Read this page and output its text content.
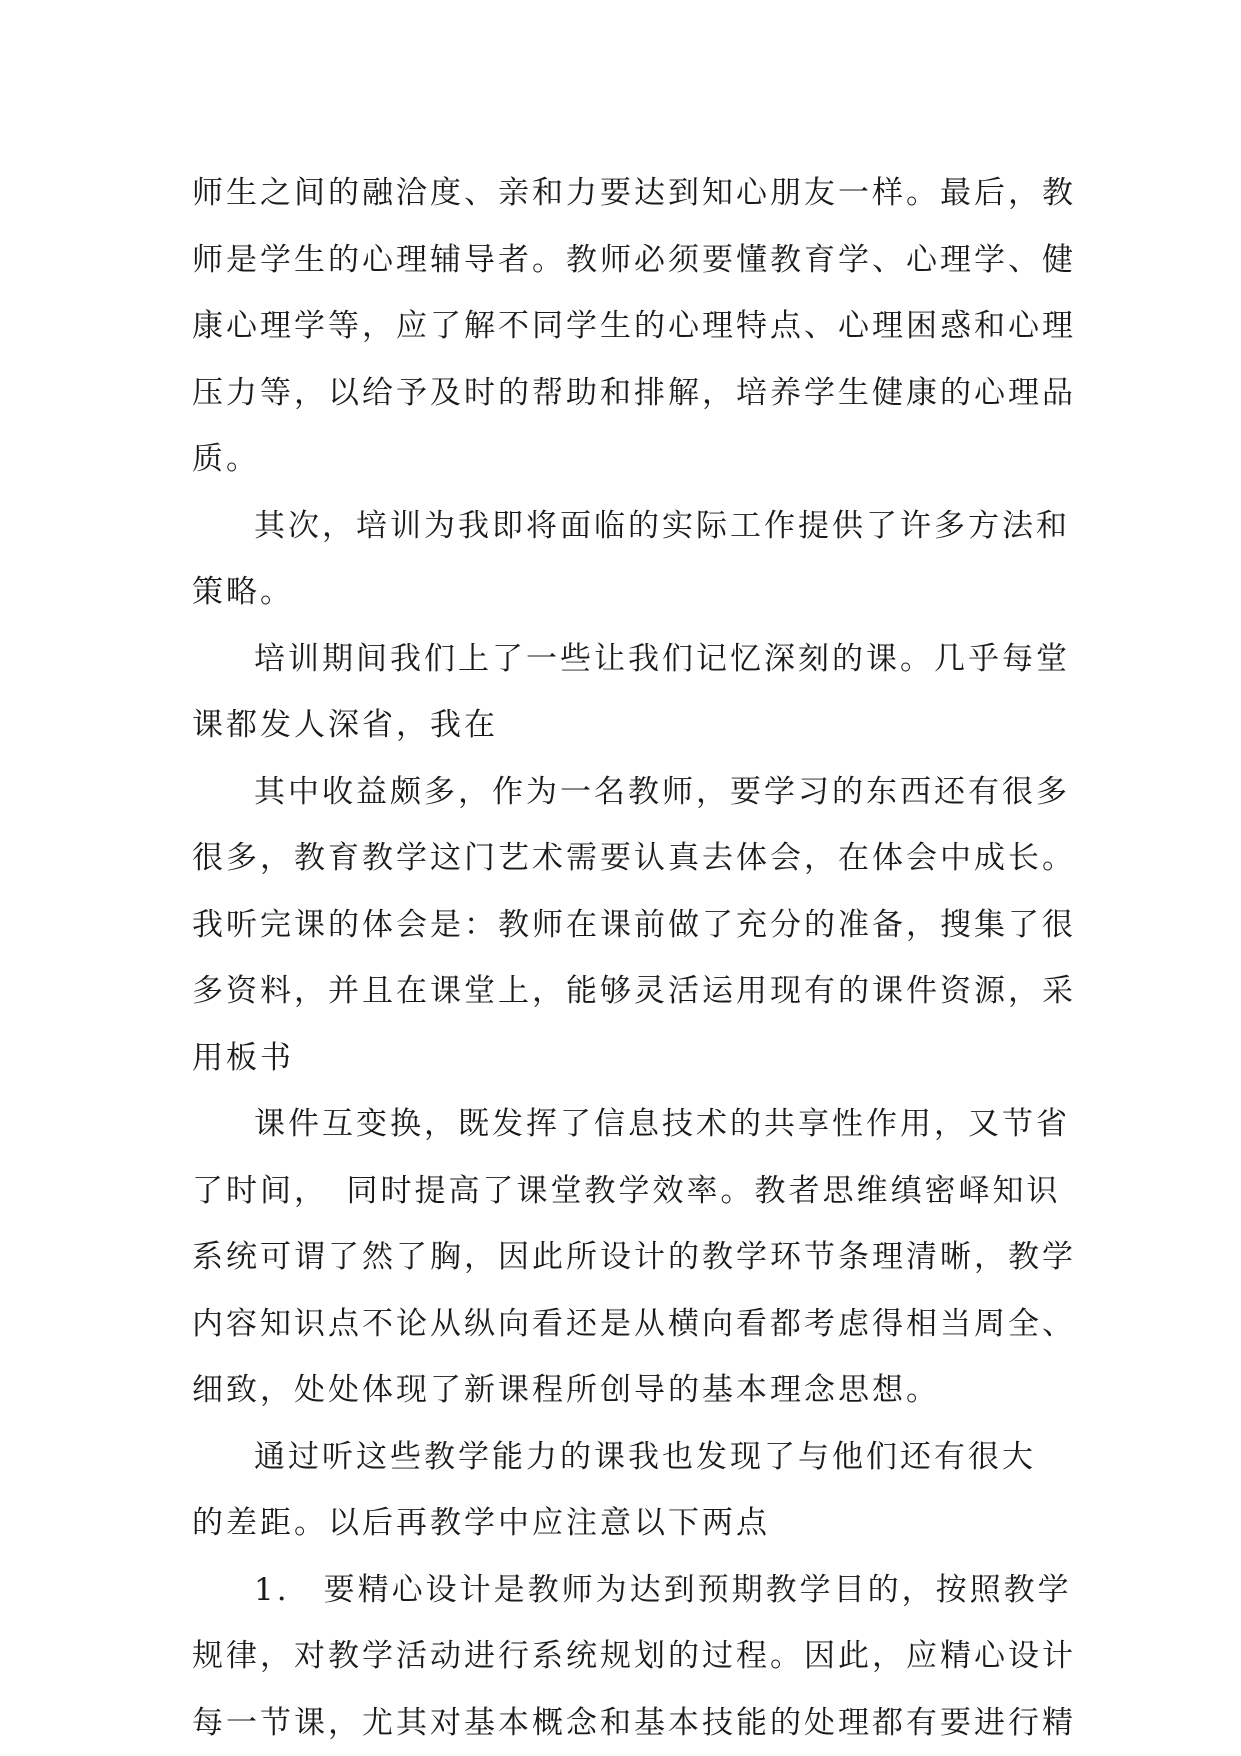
师生之间的融洽度、亲和力要达到知心朋友一样。最后，教
师是学生的心理辅导者。教师必须要懂教育学、心理学、健
康心理学等，应了解不同学生的心理特点、心理困惑和心理
压力等，以给予及时的帮助和排解，培养学生健康的心理品
质。
其次，培训为我即将面临的实际工作提供了许多方法和
策略。
培训期间我们上了一些让我们记忆深刻的课。几乎每堂
课都发人深省，我在
其中收益颇多，作为一名教师，要学习的东西还有很多
很多，教育教学这门艺术需要认真去体会，在体会中成长。
我听完课的体会是：教师在课前做了充分的准备，搜集了很
多资料，并且在课堂上，能够灵活运用现有的课件资源，采
用板书
课件互变换，既发挥了信息技术的共享性作用，又节省
了时间，　同时提高了课堂教学效率。教者思维缜密峄知识
系统可谓了然了胸，因此所设计的教学环节条理清晰，教学
内容知识点不论从纵向看还是从横向看都考虑得相当周全、
细致，处处体现了新课程所创导的基本理念思想。
通过听这些教学能力的课我也发现了与他们还有很大
的差距。以后再教学中应注意以下两点
1.　要精心设计是教师为达到预期教学目的，按照教学
规律，对教学活动进行系统规划的过程。因此，应精心设计
每一节课，尤其对基本概念和基本技能的处理都有要进行精
